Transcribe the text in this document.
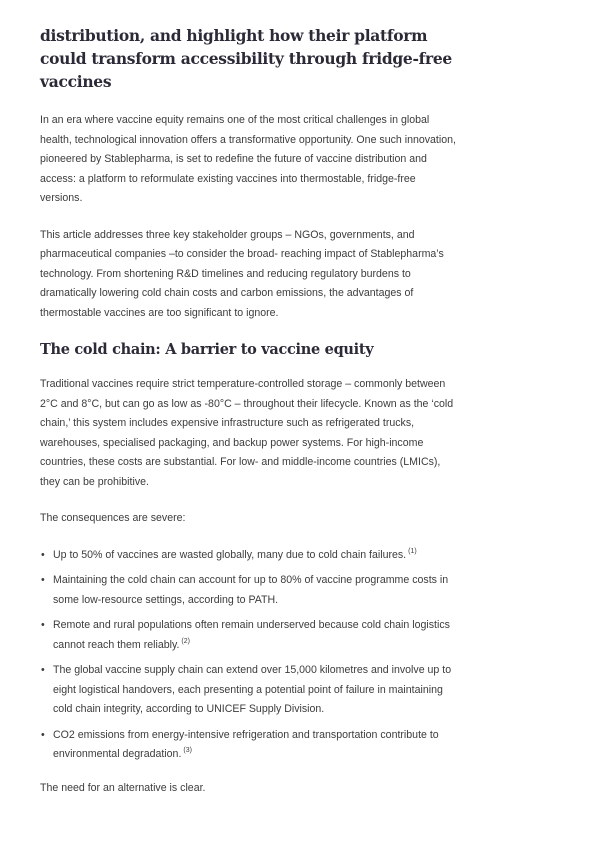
distribution, and highlight how their platform could transform accessibility through fridge-free vaccines

In an era where vaccine equity remains one of the most critical challenges in global health, technological innovation offers a transformative opportunity. One such innovation, pioneered by Stablepharma, is set to redefine the future of vaccine distribution and access: a platform to reformulate existing vaccines into thermostable, fridge-free versions.

This article addresses three key stakeholder groups – NGOs, governments, and pharmaceutical companies –to consider the broad- reaching impact of Stablepharma’s technology. From shortening R&D timelines and reducing regulatory burdens to dramatically lowering cold chain costs and carbon emissions, the advantages of thermostable vaccines are too significant to ignore.

The cold chain: A barrier to vaccine equity

Traditional vaccines require strict temperature-controlled storage – commonly between 2°C and 8°C, but can go as low as -80°C – throughout their lifecycle. Known as the ‘cold chain,’ this system includes expensive infrastructure such as refrigerated trucks, warehouses, specialised packaging, and backup power systems. For high-income countries, these costs are substantial. For low- and middle-income countries (LMICs), they can be prohibitive.

The consequences are severe:

• Up to 50% of vaccines are wasted globally, many due to cold chain failures. $^{(1)}$
• Maintaining the cold chain can account for up to 80% of vaccine programme costs in some low-resource settings, according to PATH.
• Remote and rural populations often remain underserved because cold chain logistics cannot reach them reliably. $^{(2)}$
• The global vaccine supply chain can extend over 15,000 kilometres and involve up to eight logistical handovers, each presenting a potential point of failure in maintaining cold chain integrity, according to UNICEF Supply Division.
• CO2 emissions from energy-intensive refrigeration and transportation contribute to environmental degradation. $^{(3)}$

The need for an alternative is clear.
